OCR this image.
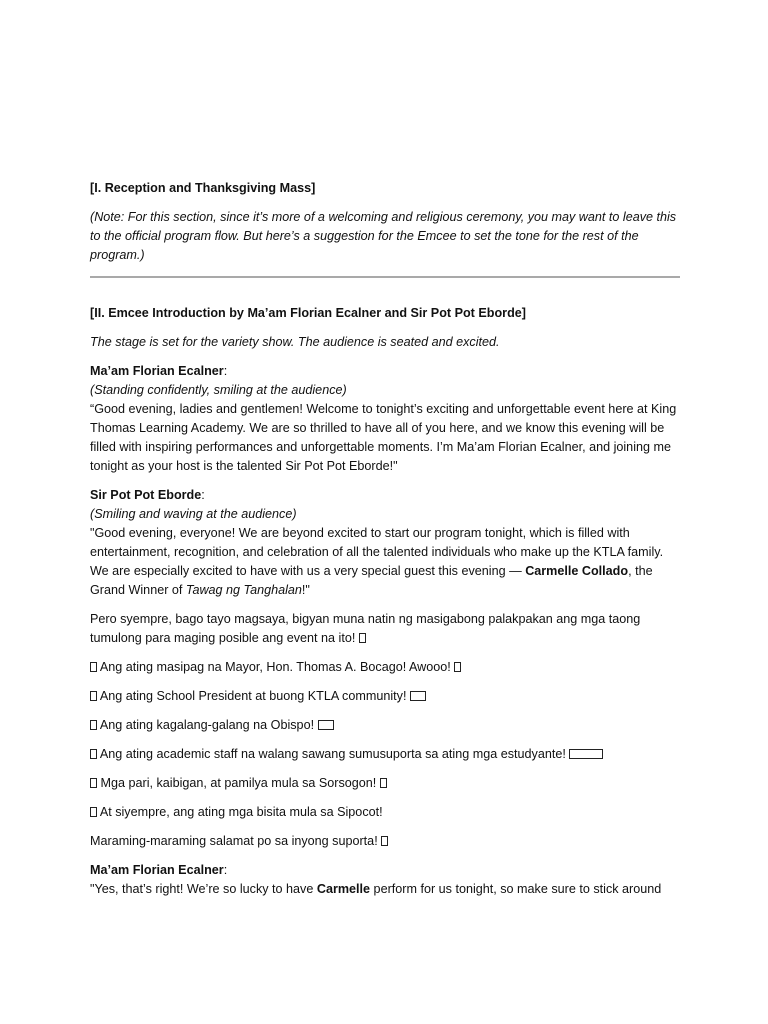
[I. Reception and Thanksgiving Mass]

(Note: For this section, since it’s more of a welcoming and religious ceremony, you may want to leave this to the official program flow. But here’s a suggestion for the Emcee to set the tone for the rest of the program.)

[II. Emcee Introduction by Ma’am Florian Ecalner and Sir Pot Pot Eborde]

The stage is set for the variety show. The audience is seated and excited.

Ma’am Florian Ecalner:

(Standing confidently, smiling at the audience)

“Good evening, ladies and gentlemen! Welcome to tonight’s exciting and unforgettable event here at King Thomas Learning Academy. We are so thrilled to have all of you here, and we know this evening will be filled with inspiring performances and unforgettable moments. I’m Ma’am Florian Ecalner, and joining me tonight as your host is the talented Sir Pot Pot Eborde!"

Sir Pot Pot Eborde:

(Smiling and waving at the audience)

"Good evening, everyone! We are beyond excited to start our program tonight, which is filled with entertainment, recognition, and celebration of all the talented individuals who make up the KTLA family. We are especially excited to have with us a very special guest this evening — Carmelle Collado, the Grand Winner of Tawag ng Tanghalan!"

Pero syempre, bago tayo magsaya, bigyan muna natin ng masigabong palakpakan ang mga taong tumulong para maging posible ang event na ito!

Ang ating masipag na Mayor, Hon. Thomas A. Bocago! Awooo!

Ang ating School President at buong KTLA community!

Ang ating kagalang-galang na Obispo!

Ang ating academic staff na walang sawang sumusuporta sa ating mga estudyante!

Mga pari, kaibigan, at pamilya mula sa Sorsogon!

At siyempre, ang ating mga bisita mula sa Sipocot!

Maraming-maraming salamat po sa inyong suporta!

Ma’am Florian Ecalner:

"Yes, that’s right! We’re so lucky to have Carmelle perform for us tonight, so make sure to stick around
